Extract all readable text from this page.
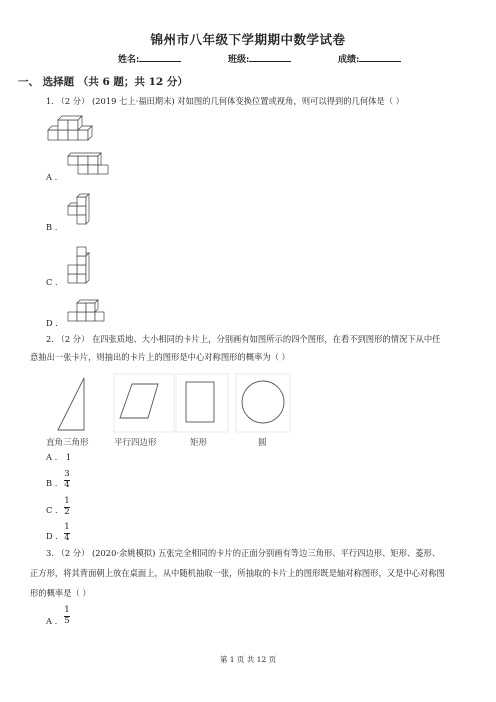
锦州市八年级下学期期中数学试卷
姓名:	班级:	成绩:
一、 选择题 （共 6 题；共 12 分）
1. （2 分） (2019 七上·福田期末) 对如图的几何体变换位置或视角，则可以得到的几何体是（ ）
A .
B .
C .
D .
2. （2 分） 在四张质地、大小相同的卡片上，分别画有如图所示的四个图形，在看不到图形的情况下从中任
意抽出一张卡片，则抽出的卡片上的图形是中心对称图形的概率为（ ）
直角三角形	平行四边形	矩形	圆
A . 1
B .
3
4
C .
1
2
D .
1
4
3. （2 分） (2020·余姚模拟) 五张完全相同的卡片的正面分别画有等边三角形、平行四边形、矩形、菱形、
正方形，将其背面朝上放在桌面上，从中随机抽取一张，所抽取的卡片上的图形既是轴对称图形，又是中心对称图
形的概率是（ ）
A .
1
5
第 1 页 共 12 页
